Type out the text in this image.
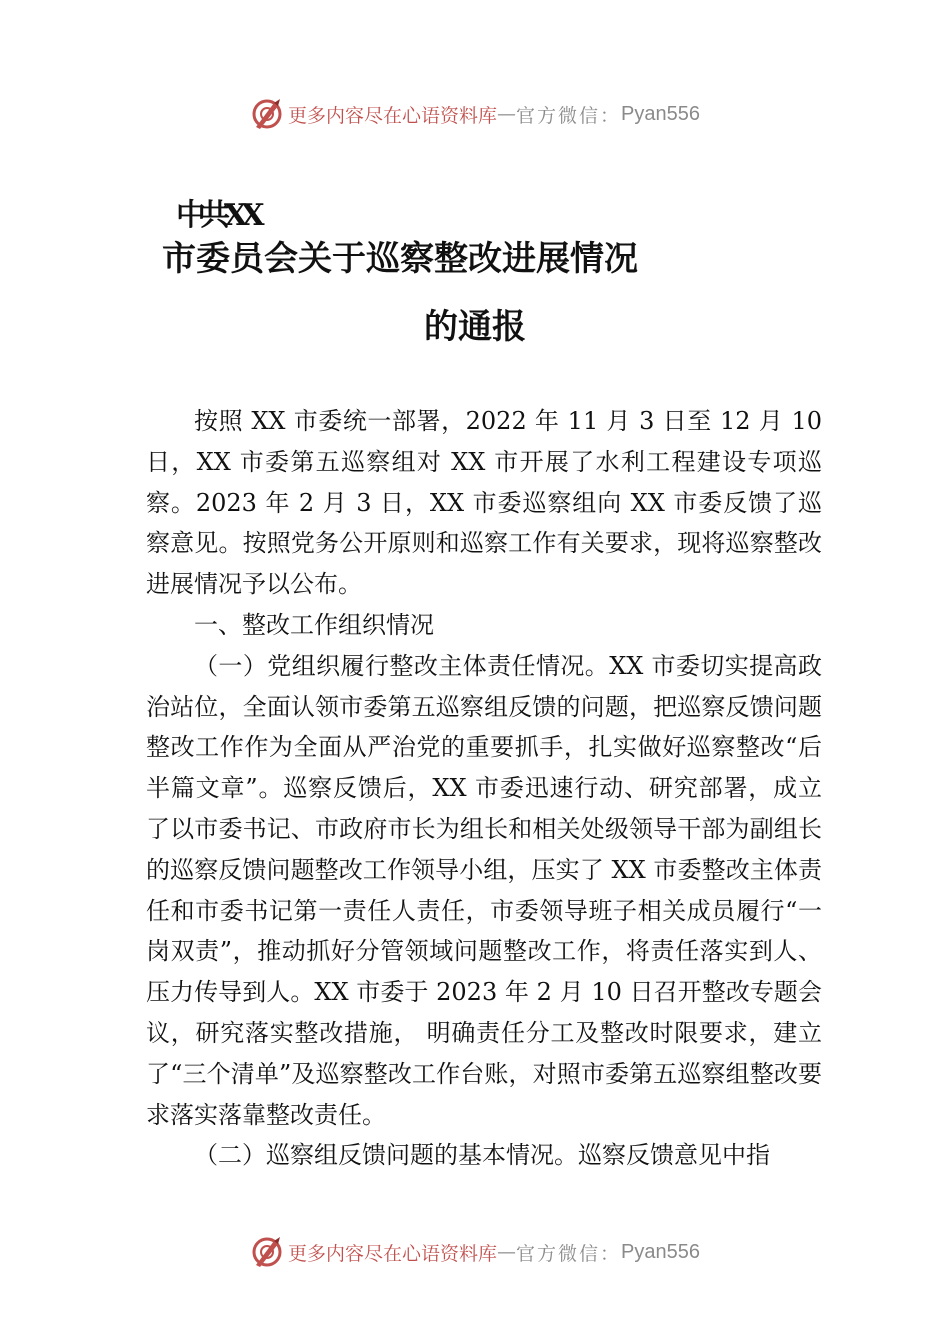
更多内容尽在心语资料库 — 官方微信： Pyan556
中共XX
市委员会关于巡察整改进展情况
的通报

按照 XX 市委统一部署，2022 年 11 月 3 日至 12 月 10 日，XX 市委第五巡察组对 XX 市开展了水利工程建设专项巡察。2023 年 2 月 3 日，XX 市委巡察组向 XX 市委反馈了巡察意见。按照党务公开原则和巡察工作有关要求，现将巡察整改进展情况予以公布。

一、整改工作组织情况

（一）党组织履行整改主体责任情况。XX 市委切实提高政治站位，全面认领市委第五巡察组反馈的问题，把巡察反馈问题整改工作作为全面从严治党的重要抓手，扎实做好巡察整改“后半篇文章”。巡察反馈后，XX 市委迅速行动、研究部署，成立了以市委书记、市政府市长为组长和相关处级领导干部为副组长的巡察反馈问题整改工作领导小组，压实了 XX 市委整改主体责任和市委书记第一责任人责任，市委领导班子相关成员履行“一岗双责”，推动抓好分管领域问题整改工作，将责任落实到人、压力传导到人。XX 市委于 2023 年 2 月 10 日召开整改专题会议，研究落实整改措施， 明确责任分工及整改时限要求，建立了“三个清单”及巡察整改工作台账，对照市委第五巡察组整改要求落实落靠整改责任。

（二）巡察组反馈问题的基本情况。巡察反馈意见中指

更多内容尽在心语资料库 — 官方微信： Pyan556
